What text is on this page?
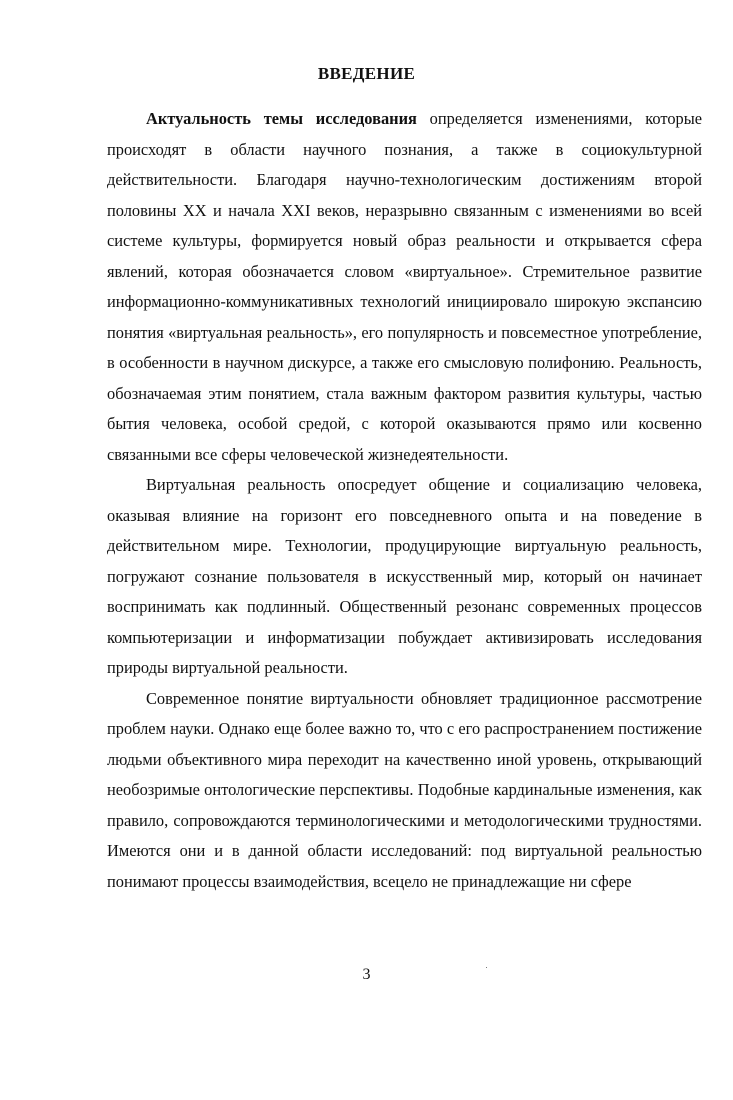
ВВЕДЕНИЕ

Актуальность темы исследования определяется изменениями, которые происходят в области научного познания, а также в социокультурной действительности. Благодаря научно-технологическим достижениям второй половины XX и начала XXI веков, неразрывно связанным с изменениями во всей системе культуры, формируется новый образ реальности и открывается сфера явлений, которая обозначается словом «виртуальное». Стремительное развитие информационно-коммуникативных технологий инициировало широкую экспансию понятия «виртуальная реальность», его популярность и повсеместное употребление, в особенности в научном дискурсе, а также его смысловую полифонию. Реальность, обозначаемая этим понятием, стала важным фактором развития культуры, частью бытия человека, особой средой, с которой оказываются прямо или косвенно связанными все сферы человеческой жизнедеятельности.

Виртуальная реальность опосредует общение и социализацию человека, оказывая влияние на горизонт его повседневного опыта и на поведение в действительном мире. Технологии, продуцирующие виртуальную реальность, погружают сознание пользователя в искусственный мир, который он начинает воспринимать как подлинный. Общественный резонанс современных процессов компьютеризации и информатизации побуждает активизировать исследования природы виртуальной реальности.

Современное понятие виртуальности обновляет традиционное рассмотрение проблем науки. Однако еще более важно то, что с его распространением постижение людьми объективного мира переходит на качественно иной уровень, открывающий необозримые онтологические перспективы. Подобные кардинальные изменения, как правило, сопровождаются терминологическими и методологическими трудностями. Имеются они и в данной области исследований: под виртуальной реальностью понимают процессы взаимодействия, всецело не принадлежащие ни сфере

3
